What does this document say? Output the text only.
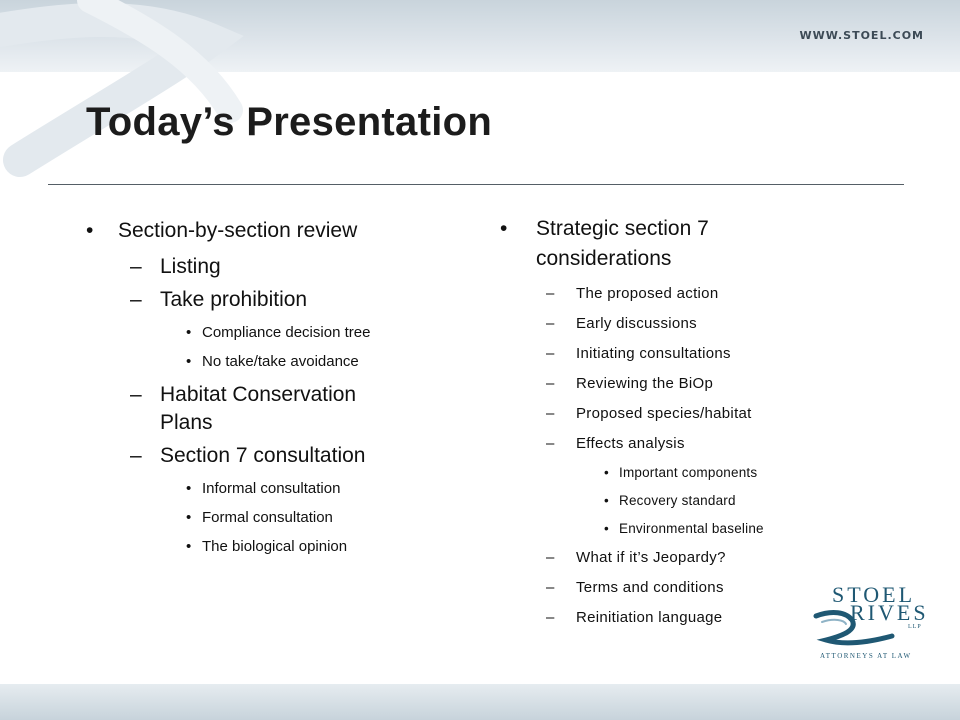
WWW.STOEL.COM
Today’s Presentation
• Section-by-section review
– Listing
– Take prohibition
• Compliance decision tree
• No take/take avoidance
– Habitat Conservation
Plans
– Section 7 consultation
• Informal consultation
• Formal consultation
• The biological opinion
• Strategic section 7
considerations
– The proposed action
– Early discussions
– Initiating consultations
– Reviewing the BiOp
– Proposed species/habitat
– Effects analysis
• Important components
• Recovery standard
• Environmental baseline
– What if it’s Jeopardy?
– Terms and conditions
– Reinitiation language
STOEL
RIVES
LLP
ATTORNEYS AT LAW
